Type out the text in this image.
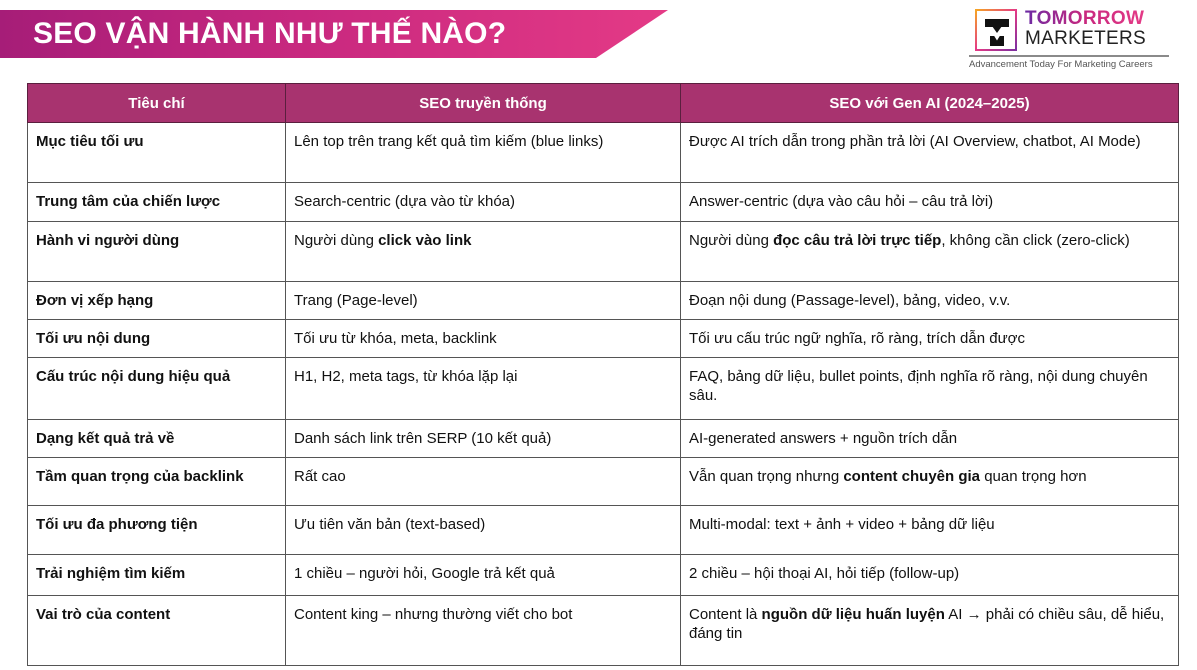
SEO VẬN HÀNH NHƯ THẾ NÀO?	TOMORROW
MARKETERS
Advancement Today For Marketing Careers
Tiêu chí	SEO truyền thống	SEO với Gen AI (2024–2025)
Mục tiêu tối ưu	Lên top trên trang kết quả tìm kiếm (blue links)	Được AI trích dẫn trong phần trả lời (AI Overview, chatbot, AI Mode)
Trung tâm của chiến lược	Search-centric (dựa vào từ khóa)	Answer-centric (dựa vào câu hỏi – câu trả lời)
Hành vi người dùng	Người dùng click vào link	Người dùng đọc câu trả lời trực tiếp, không cần click (zero-click)
Đơn vị xếp hạng	Trang (Page-level)	Đoạn nội dung (Passage-level), bảng, video, v.v.
Tối ưu nội dung	Tối ưu từ khóa, meta, backlink	Tối ưu cấu trúc ngữ nghĩa, rõ ràng, trích dẫn được
Cấu trúc nội dung hiệu quả	H1, H2, meta tags, từ khóa lặp lại	FAQ, bảng dữ liệu, bullet points, định nghĩa rõ ràng, nội dung chuyên sâu.
Dạng kết quả trả về	Danh sách link trên SERP (10 kết quả)	AI-generated answers + nguồn trích dẫn
Tầm quan trọng của backlink	Rất cao	Vẫn quan trọng nhưng content chuyên gia quan trọng hơn
Tối ưu đa phương tiện	Ưu tiên văn bản (text-based)	Multi-modal: text + ảnh + video + bảng dữ liệu
Trải nghiệm tìm kiếm	1 chiều – người hỏi, Google trả kết quả	2 chiều – hội thoại AI, hỏi tiếp (follow-up)
Vai trò của content	Content king – nhưng thường viết cho bot	Content là nguồn dữ liệu huấn luyện AI → phải có chiều sâu, dễ hiểu, đáng tin
